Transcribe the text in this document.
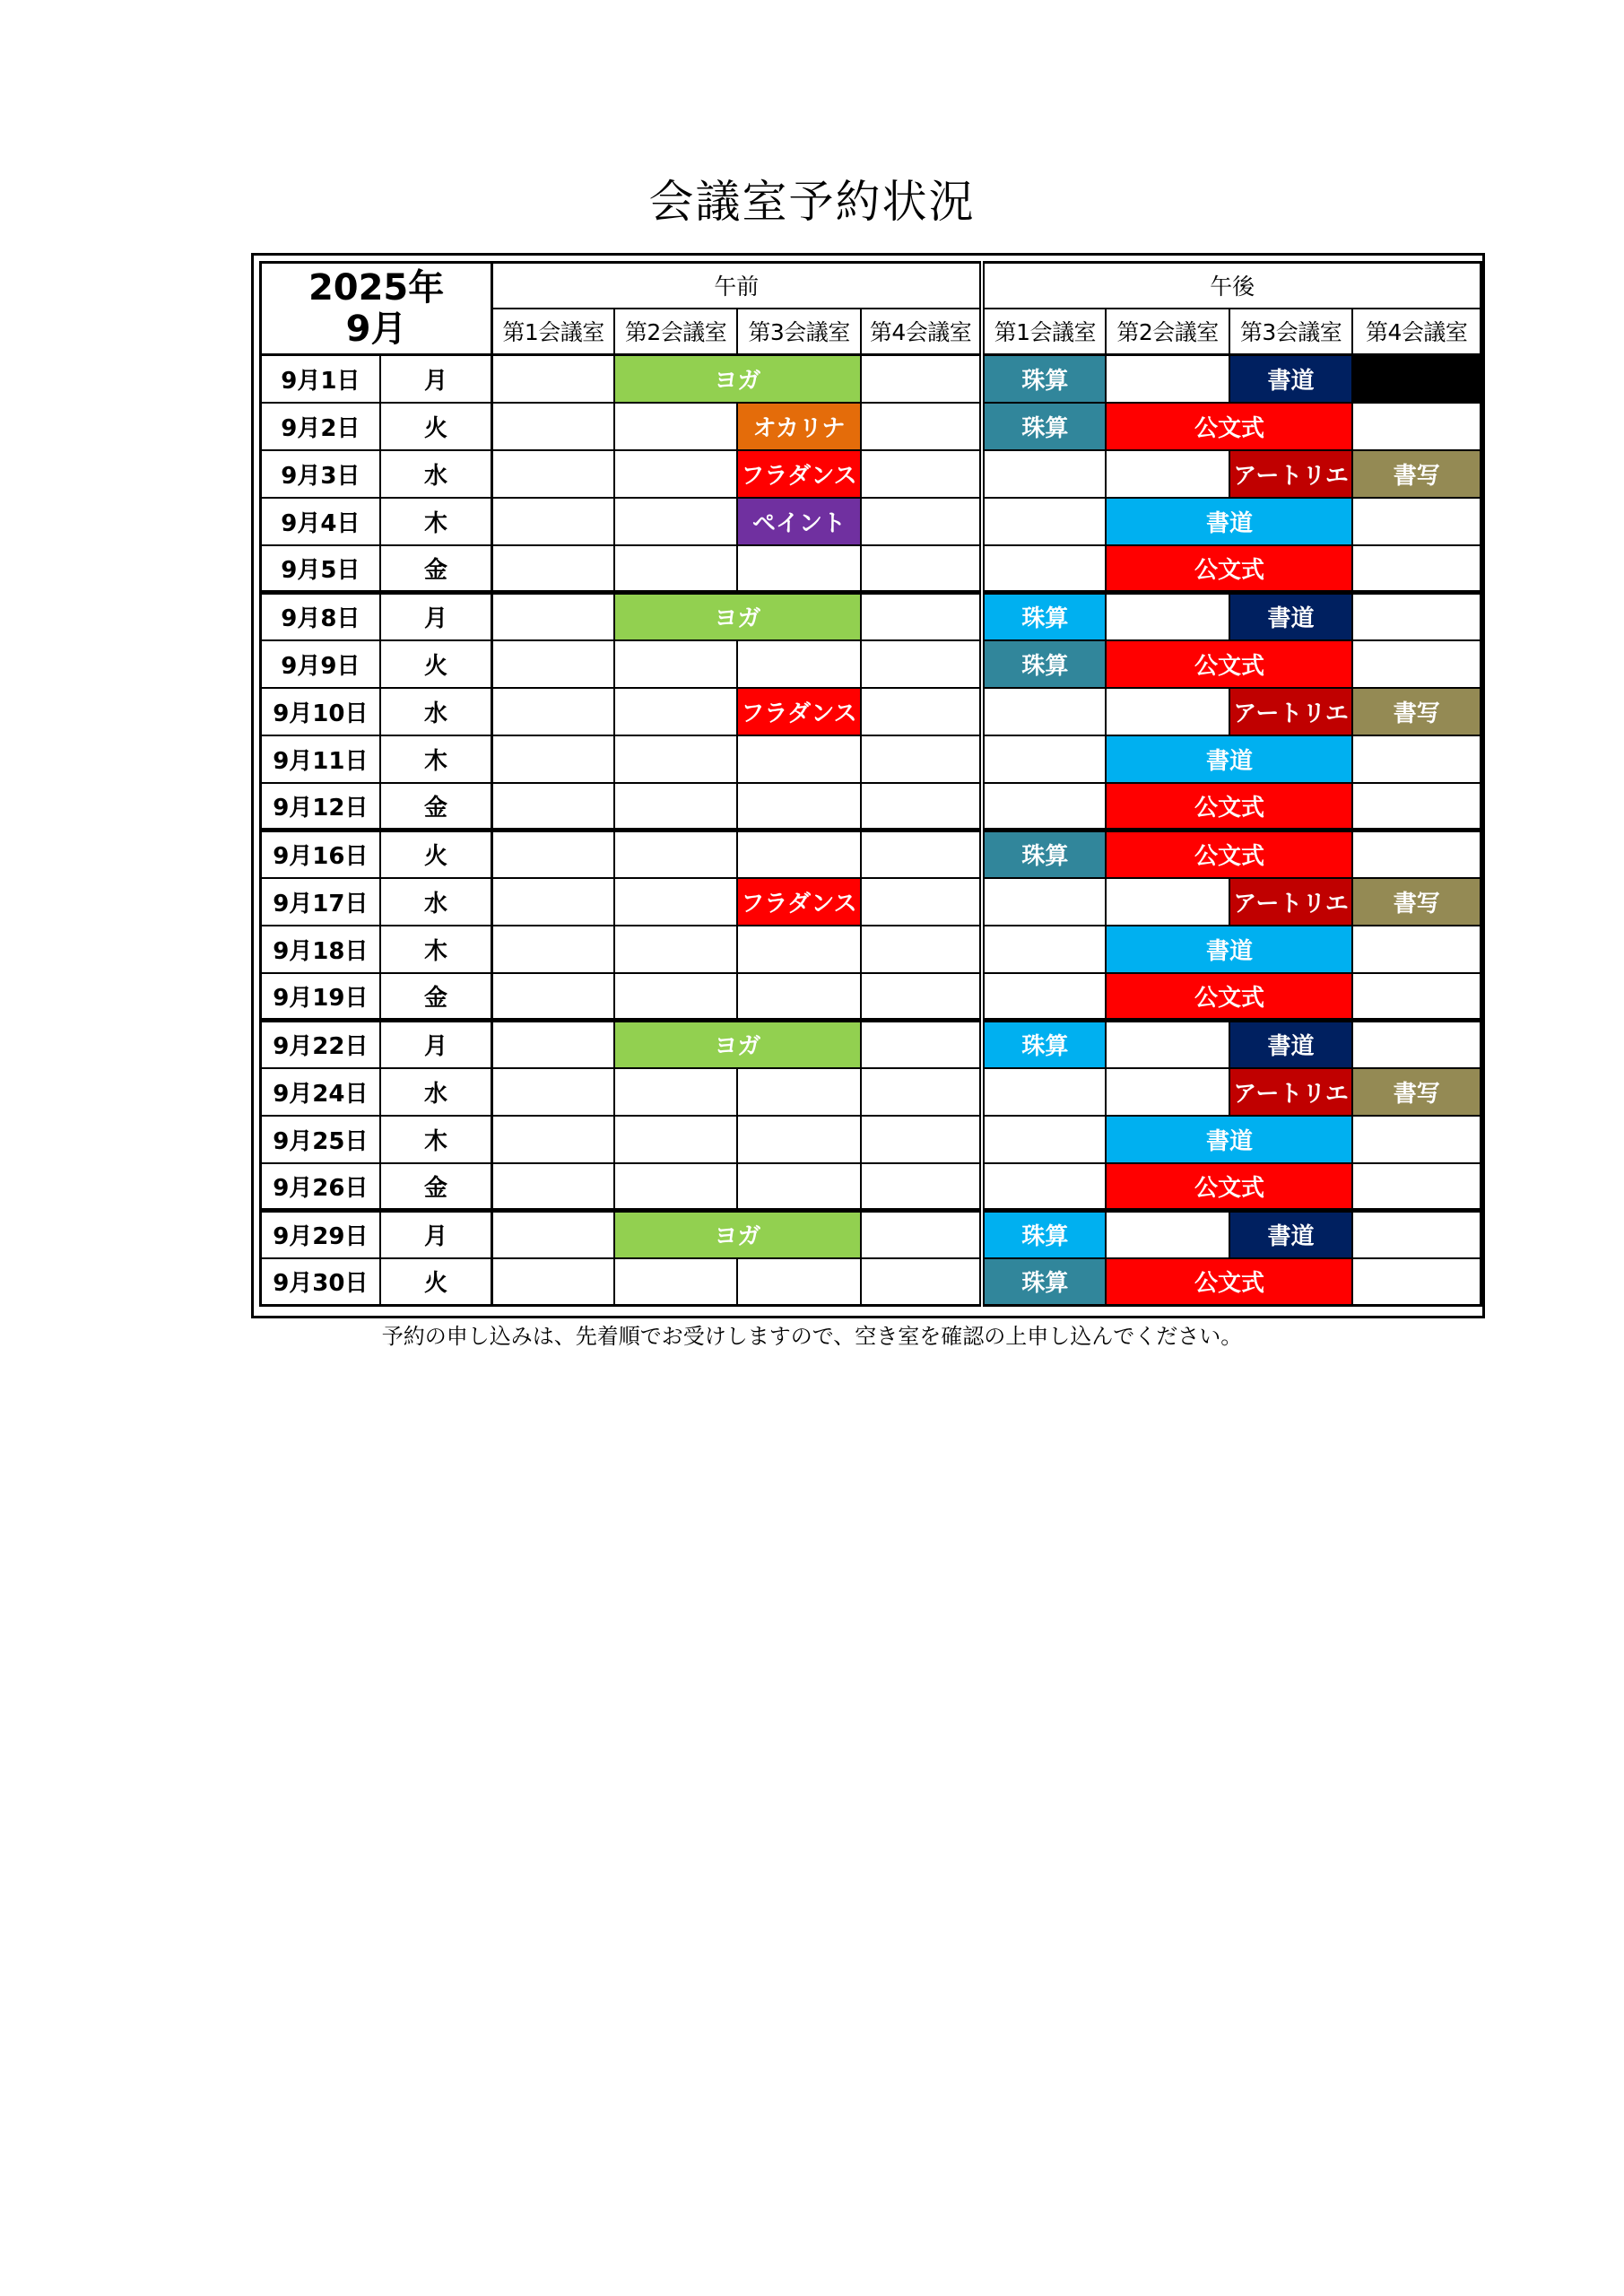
会議室予約状況
2025年
9月		午前				午後			
		第1会議室	第2会議室	第3会議室	第4会議室	第1会議室	第2会議室	第3会議室	第4会議室
9月1日	月		ヨガ			珠算		書道	
9月2日	火			オカリナ		珠算	公文式		
9月3日	水			フラダンス				アートリエ	書写
9月4日	木			ペイント			書道		
9月5日	金						公文式		
9月8日	月		ヨガ			珠算		書道	
9月9日	火					珠算	公文式		
9月10日	水			フラダンス				アートリエ	書写
9月11日	木						書道		
9月12日	金						公文式		
9月16日	火					珠算	公文式		
9月17日	水			フラダンス				アートリエ	書写
9月18日	木						書道		
9月19日	金						公文式		
9月22日	月		ヨガ			珠算		書道	
9月24日	水							アートリエ	書写
9月25日	木						書道		
9月26日	金						公文式		
9月29日	月		ヨガ			珠算		書道	
9月30日	火					珠算	公文式		
予約の申し込みは、先着順でお受けしますので、空き室を確認の上申し込んでください。
